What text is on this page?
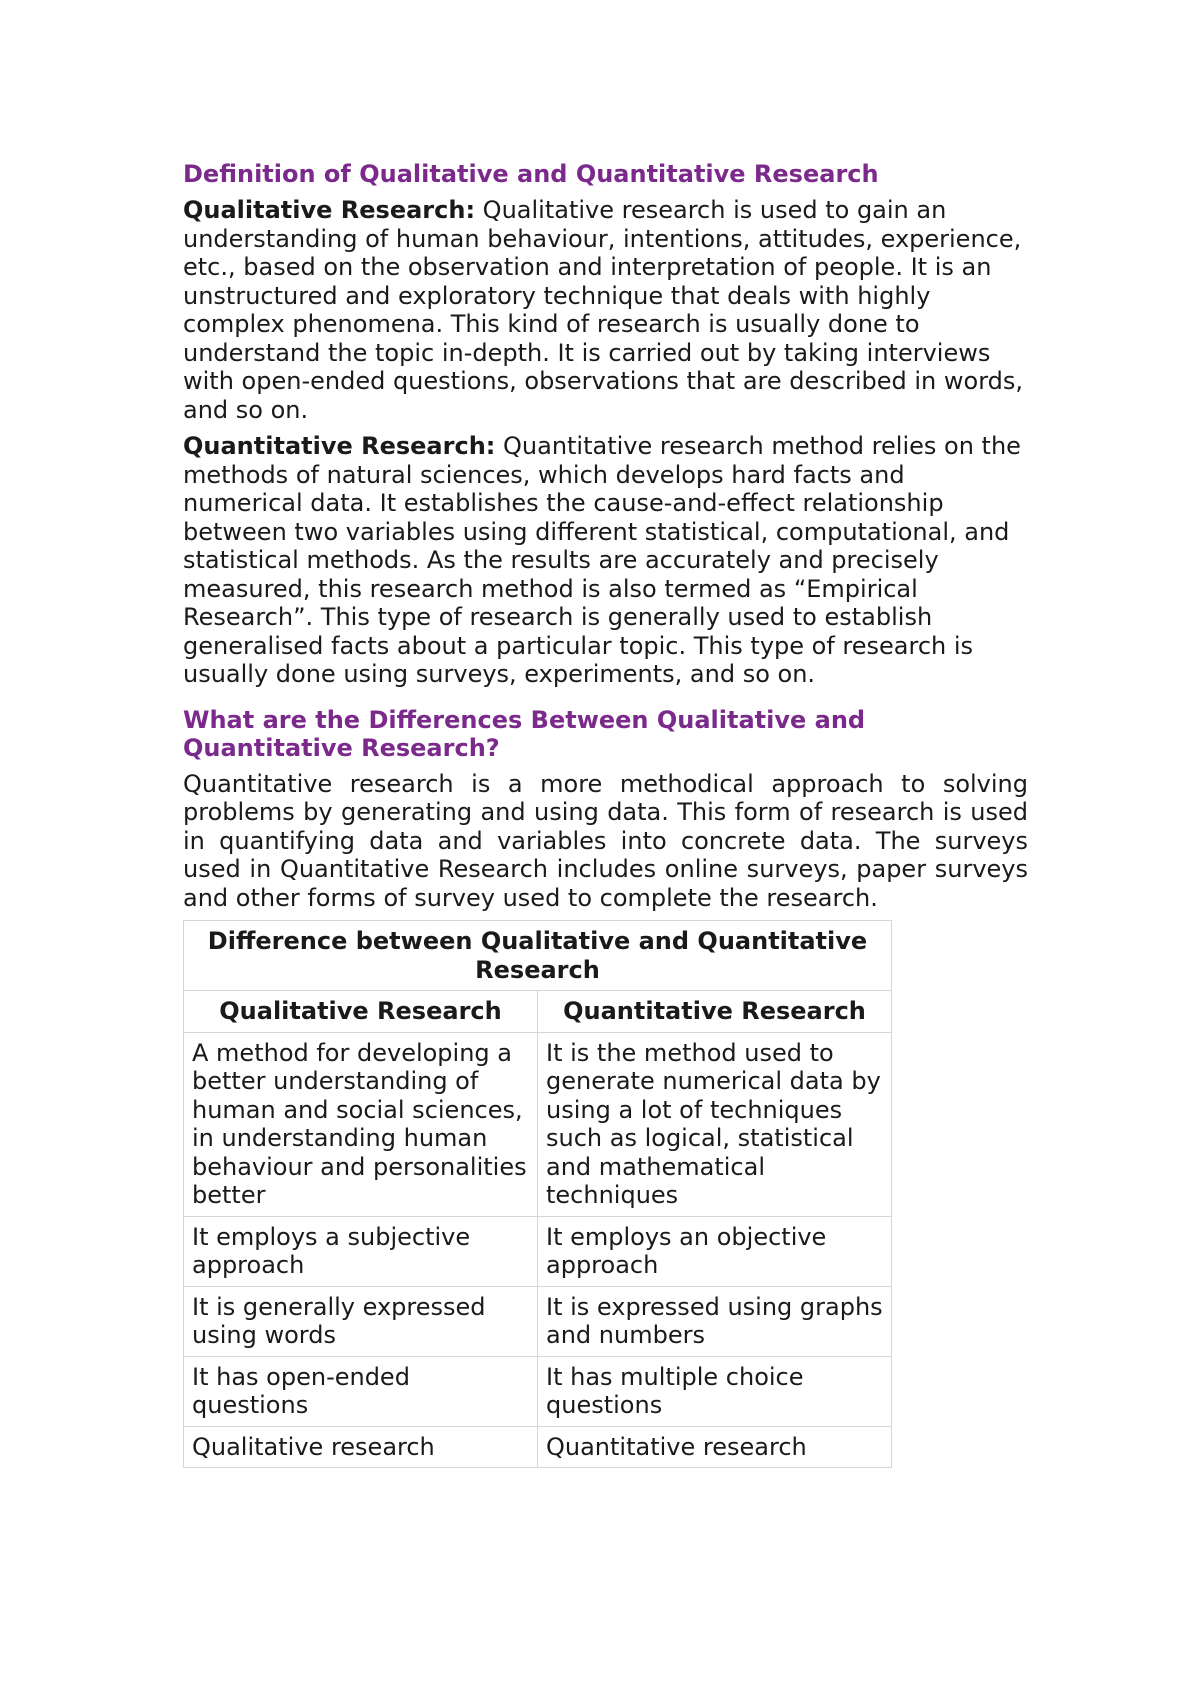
Definition of Qualitative and Quantitative Research

Qualitative Research: Qualitative research is used to gain an understanding of human behaviour, intentions, attitudes, experience, etc., based on the observation and interpretation of people. It is an unstructured and exploratory technique that deals with highly complex phenomena. This kind of research is usually done to understand the topic in-depth. It is carried out by taking interviews with open-ended questions, observations that are described in words, and so on.

Quantitative Research: Quantitative research method relies on the methods of natural sciences, which develops hard facts and numerical data. It establishes the cause-and-effect relationship between two variables using different statistical, computational, and statistical methods. As the results are accurately and precisely measured, this research method is also termed as “Empirical Research”. This type of research is generally used to establish generalised facts about a particular topic. This type of research is usually done using surveys, experiments, and so on.

What are the Differences Between Qualitative and Quantitative Research?

Quantitative research is a more methodical approach to solving problems by generating and using data. This form of research is used in quantifying data and variables into concrete data. The surveys used in Quantitative Research includes online surveys, paper surveys and other forms of survey used to complete the research.

Difference between Qualitative and Quantitative Research	
Qualitative Research	Quantitative Research
A method for developing a better understanding of human and social sciences, in understanding human behaviour and personalities better	It is the method used to generate numerical data by using a lot of techniques such as logical, statistical and mathematical techniques
It employs a subjective approach	It employs an objective approach
It is generally expressed using words	It is expressed using graphs and numbers
It has open-ended questions	It has multiple choice questions
Qualitative research	Quantitative research
